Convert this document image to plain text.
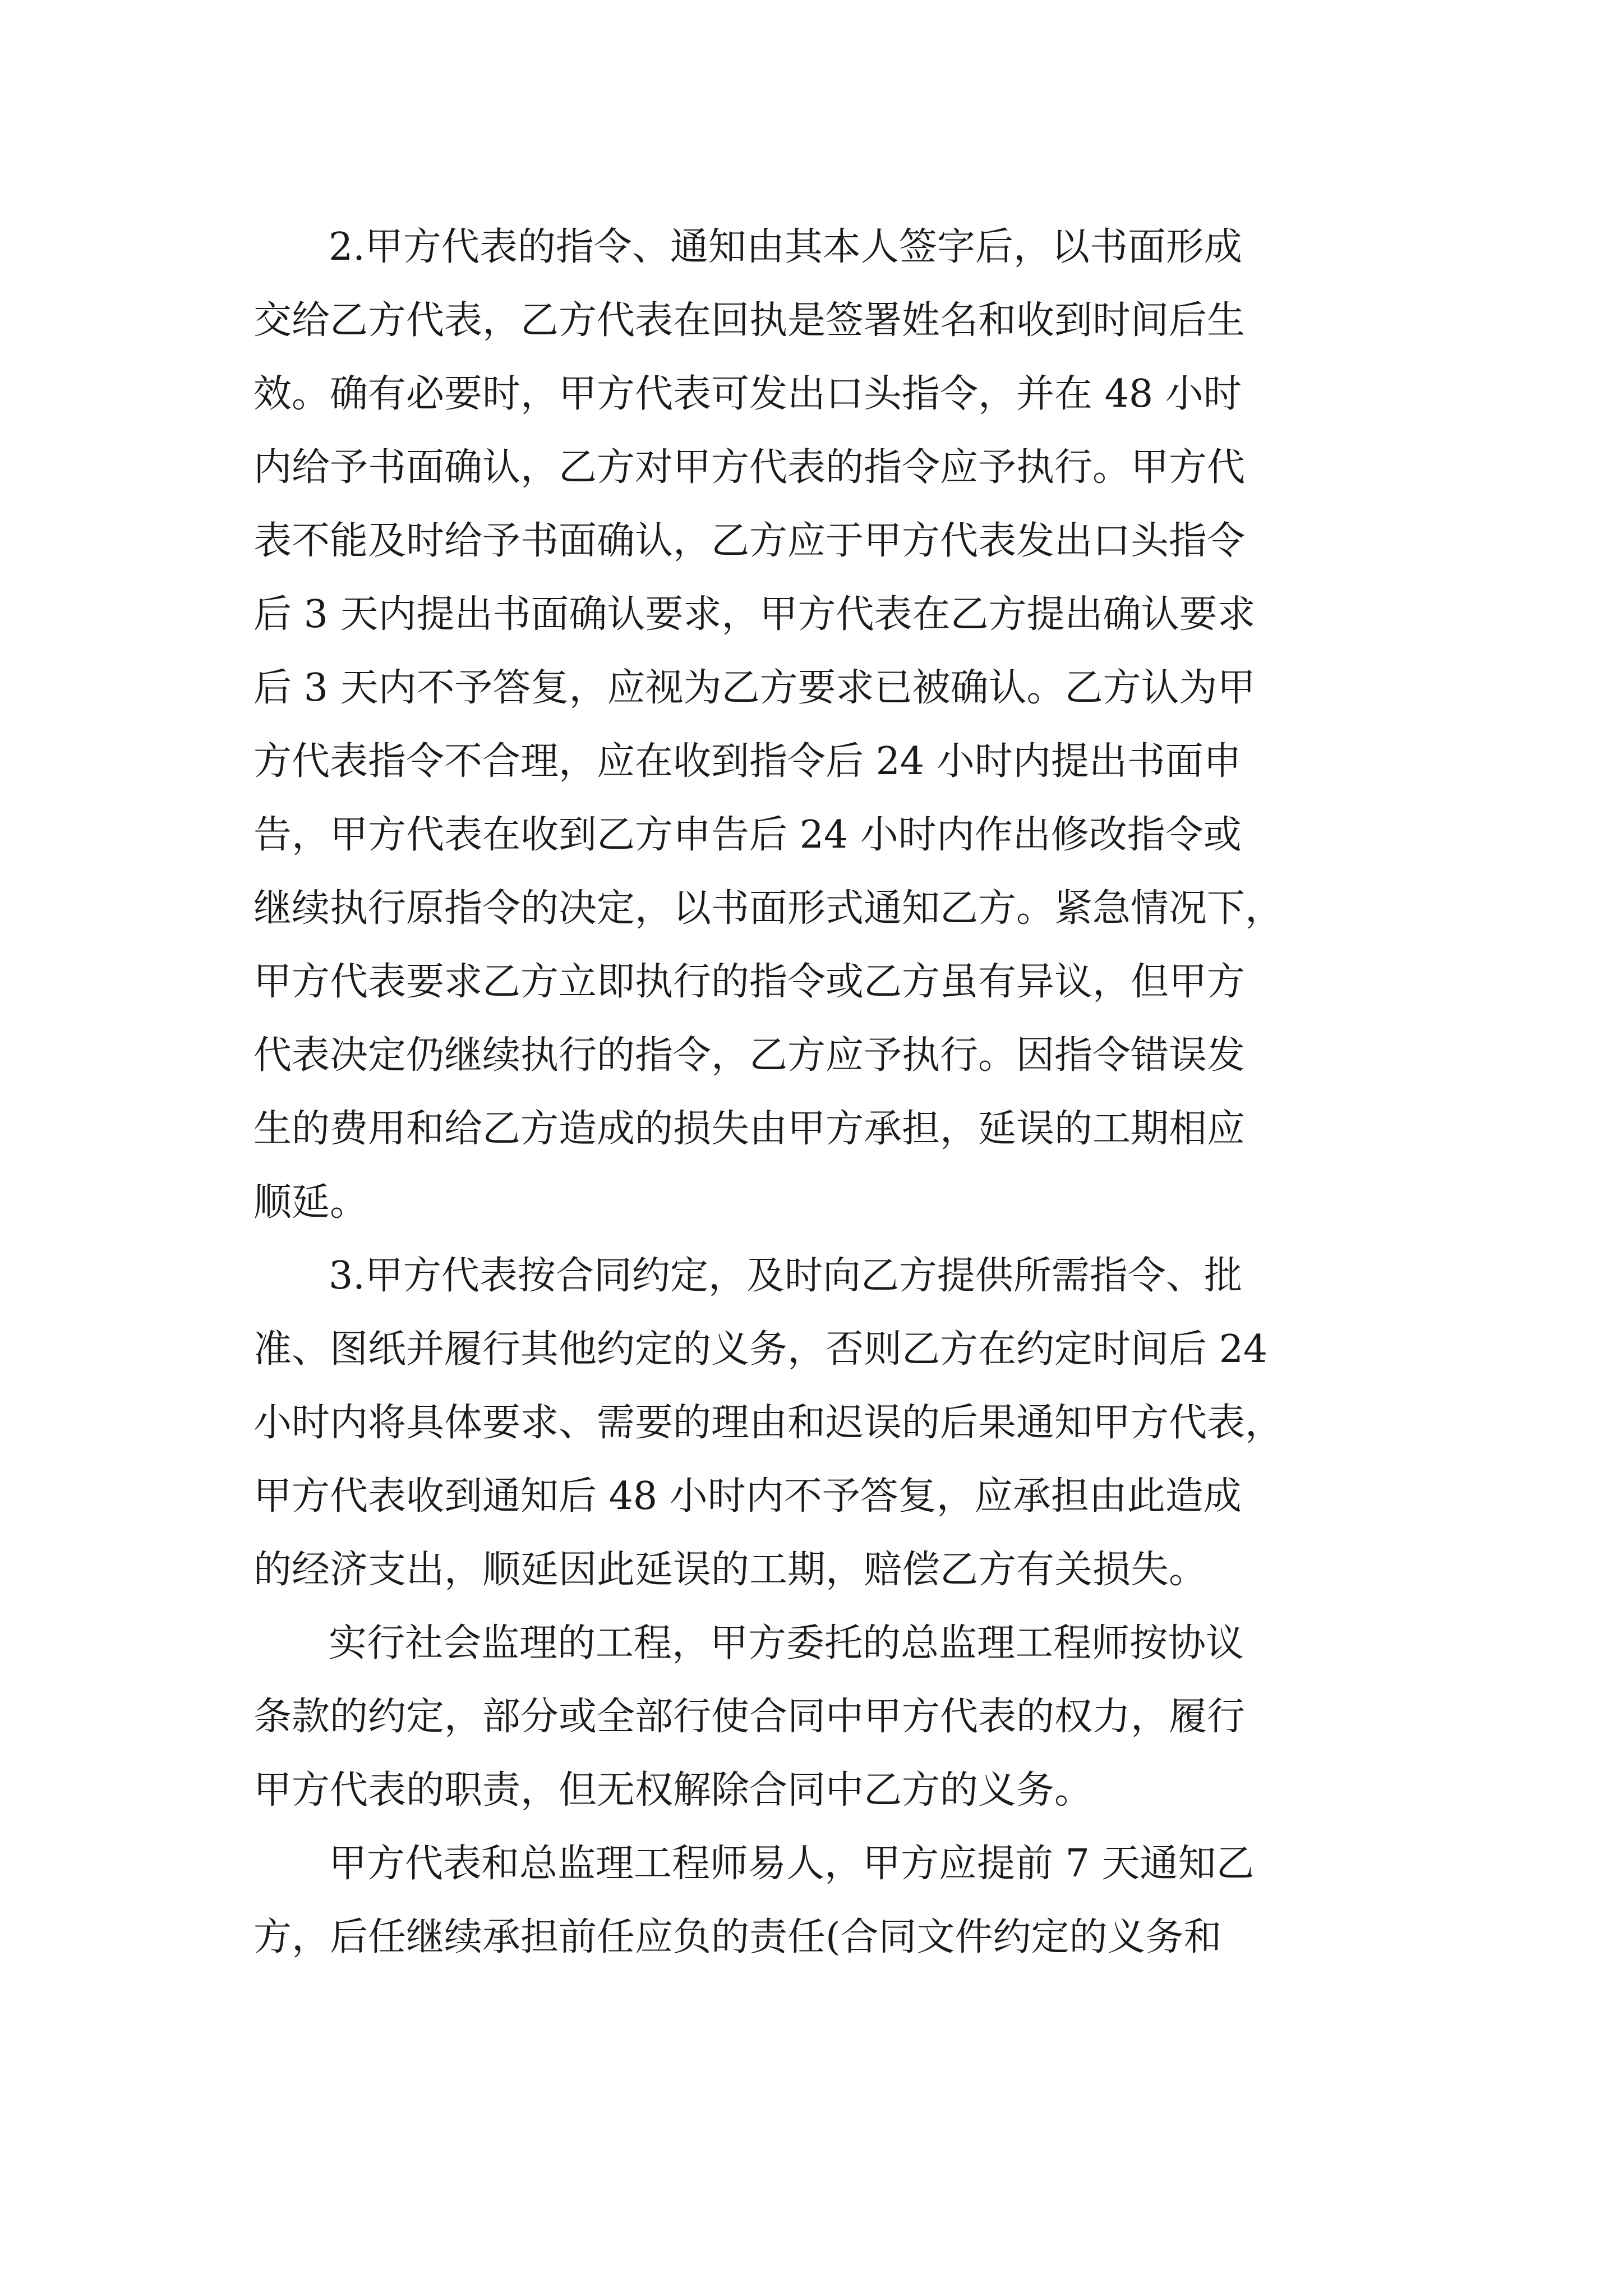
2.甲方代表的指令、通知由其本人签字后，以书面形成
交给乙方代表，乙方代表在回执是签署姓名和收到时间后生
效。确有必要时，甲方代表可发出口头指令，并在 48 小时
内给予书面确认，乙方对甲方代表的指令应予执行。甲方代
表不能及时给予书面确认，乙方应于甲方代表发出口头指令
后 3 天内提出书面确认要求，甲方代表在乙方提出确认要求
后 3 天内不予答复，应视为乙方要求已被确认。乙方认为甲
方代表指令不合理，应在收到指令后 24 小时内提出书面申
告，甲方代表在收到乙方申告后 24 小时内作出修改指令或
继续执行原指令的决定，以书面形式通知乙方。紧急情况下，
甲方代表要求乙方立即执行的指令或乙方虽有异议，但甲方
代表决定仍继续执行的指令，乙方应予执行。因指令错误发
生的费用和给乙方造成的损失由甲方承担，延误的工期相应
顺延。
3.甲方代表按合同约定，及时向乙方提供所需指令、批
准、图纸并履行其他约定的义务，否则乙方在约定时间后 24
小时内将具体要求、需要的理由和迟误的后果通知甲方代表，
甲方代表收到通知后 48 小时内不予答复，应承担由此造成
的经济支出，顺延因此延误的工期，赔偿乙方有关损失。
实行社会监理的工程，甲方委托的总监理工程师按协议
条款的约定，部分或全部行使合同中甲方代表的权力，履行
甲方代表的职责，但无权解除合同中乙方的义务。
甲方代表和总监理工程师易人，甲方应提前 7 天通知乙
方，后任继续承担前任应负的责任(合同文件约定的义务和
